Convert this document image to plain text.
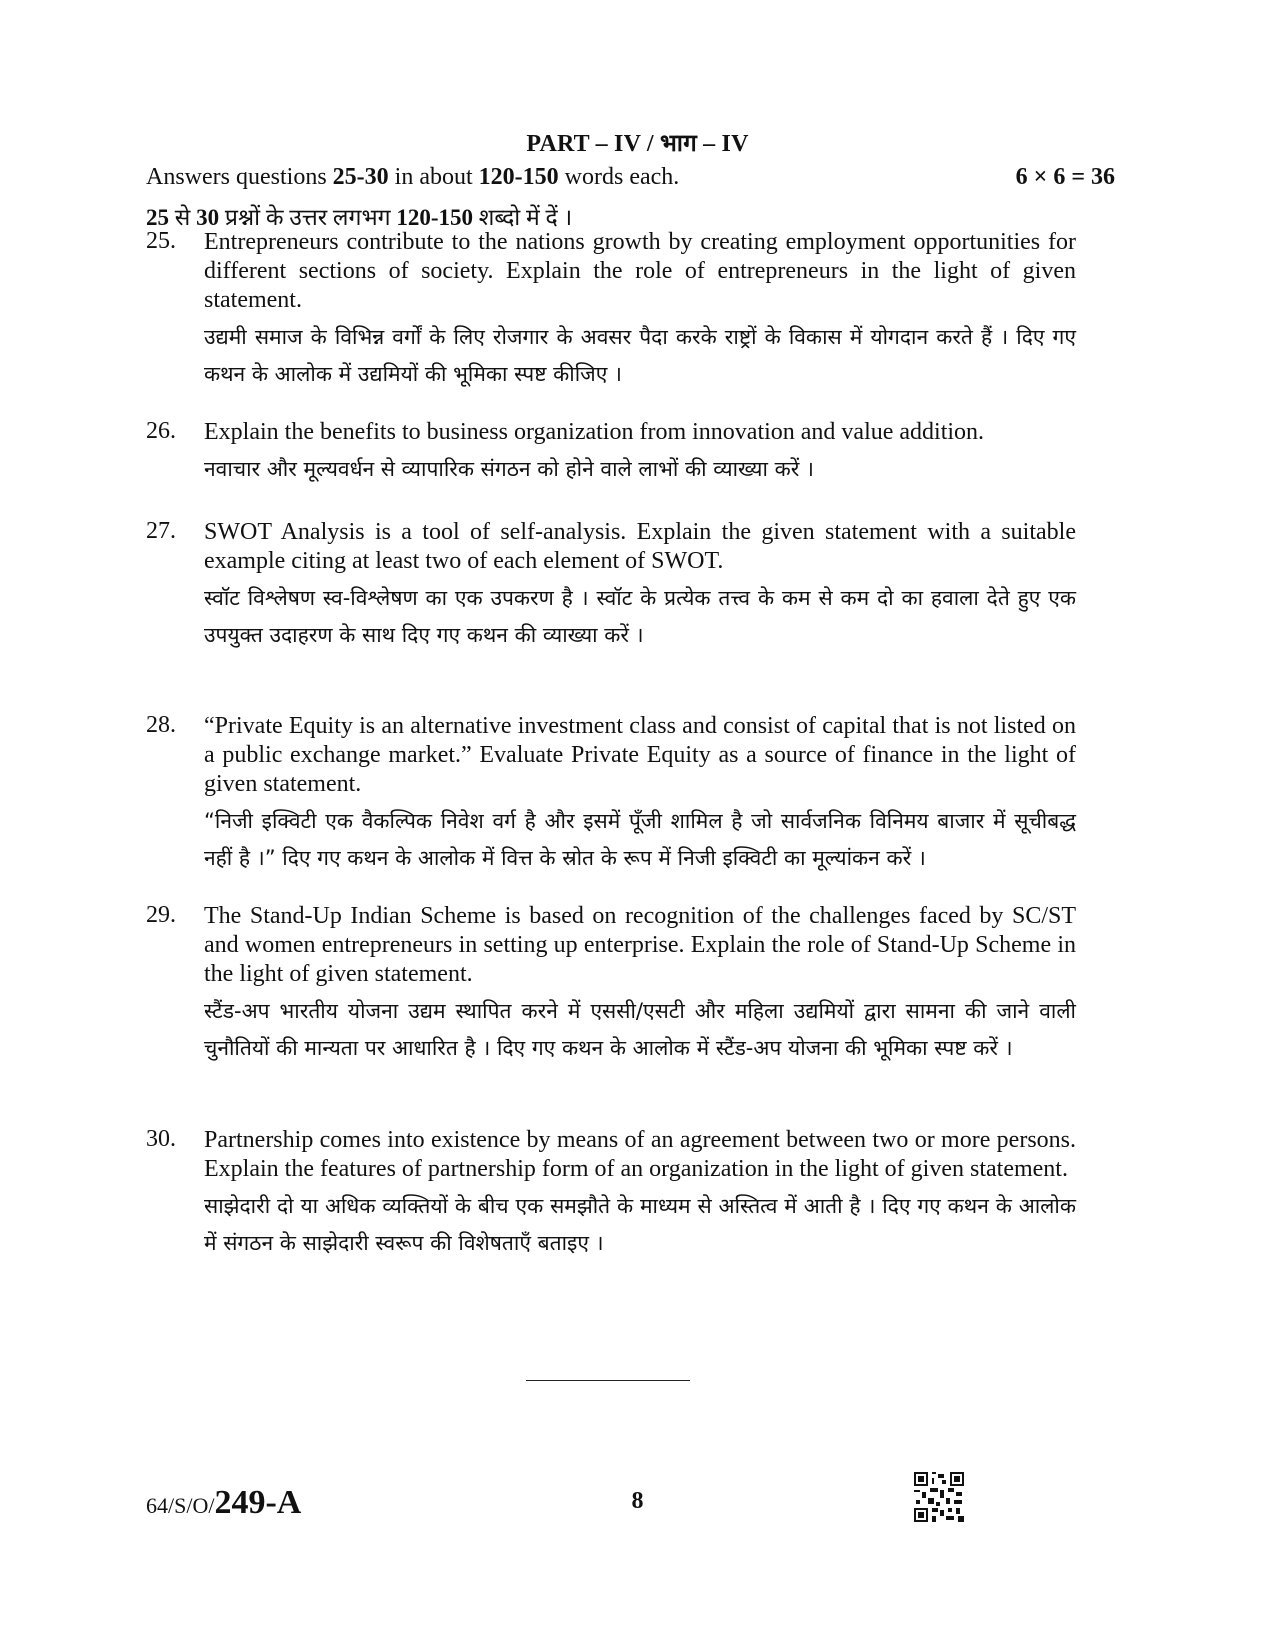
PART – IV / भाग – IV
Answers questions 25-30 in about 120-150 words each.	6 × 6 = 36
25 से 30 प्रश्नों के उत्तर लगभग 120-150 शब्दो में दें ।
25. Entrepreneurs contribute to the nations growth by creating employment opportunities for different sections of society. Explain the role of entrepreneurs in the light of given statement.

उद्यमी समाज के विभिन्न वर्गों के लिए रोजगार के अवसर पैदा करके राष्ट्रों के विकास में योगदान करते हैं । दिए गए कथन के आलोक में उद्यमियों की भूमिका स्पष्ट कीजिए ।

26. Explain the benefits to business organization from innovation and value addition.

नवाचार और मूल्यवर्धन से व्यापारिक संगठन को होने वाले लाभों की व्याख्या करें ।

27. SWOT Analysis is a tool of self-analysis. Explain the given statement with a suitable example citing at least two of each element of SWOT.

स्वॉट विश्लेषण स्व-विश्लेषण का एक उपकरण है । स्वॉट के प्रत्येक तत्त्व के कम से कम दो का हवाला देते हुए एक उपयुक्त उदाहरण के साथ दिए गए कथन की व्याख्या करें ।

28. “Private Equity is an alternative investment class and consist of capital that is not listed on a public exchange market.” Evaluate Private Equity as a source of finance in the light of given statement.

“निजी इक्विटी एक वैकल्पिक निवेश वर्ग है और इसमें पूँजी शामिल है जो सार्वजनिक विनिमय बाजार में सूचीबद्ध नहीं है ।” दिए गए कथन के आलोक में वित्त के स्रोत के रूप में निजी इक्विटी का मूल्यांकन करें ।

29. The Stand-Up Indian Scheme is based on recognition of the challenges faced by SC/ST and women entrepreneurs in setting up enterprise. Explain the role of Stand-Up Scheme in the light of given statement.

स्टैंड-अप भारतीय योजना उद्यम स्थापित करने में एससी/एसटी और महिला उद्यमियों द्वारा सामना की जाने वाली चुनौतियों की मान्यता पर आधारित है । दिए गए कथन के आलोक में स्टैंड-अप योजना की भूमिका स्पष्ट करें ।

30. Partnership comes into existence by means of an agreement between two or more persons. Explain the features of partnership form of an organization in the light of given statement.

साझेदारी दो या अधिक व्यक्तियों के बीच एक समझौते के माध्यम से अस्तित्व में आती है । दिए गए कथन के आलोक में संगठन के साझेदारी स्वरूप की विशेषताएँ बताइए ।

64/S/O/249-A	8
